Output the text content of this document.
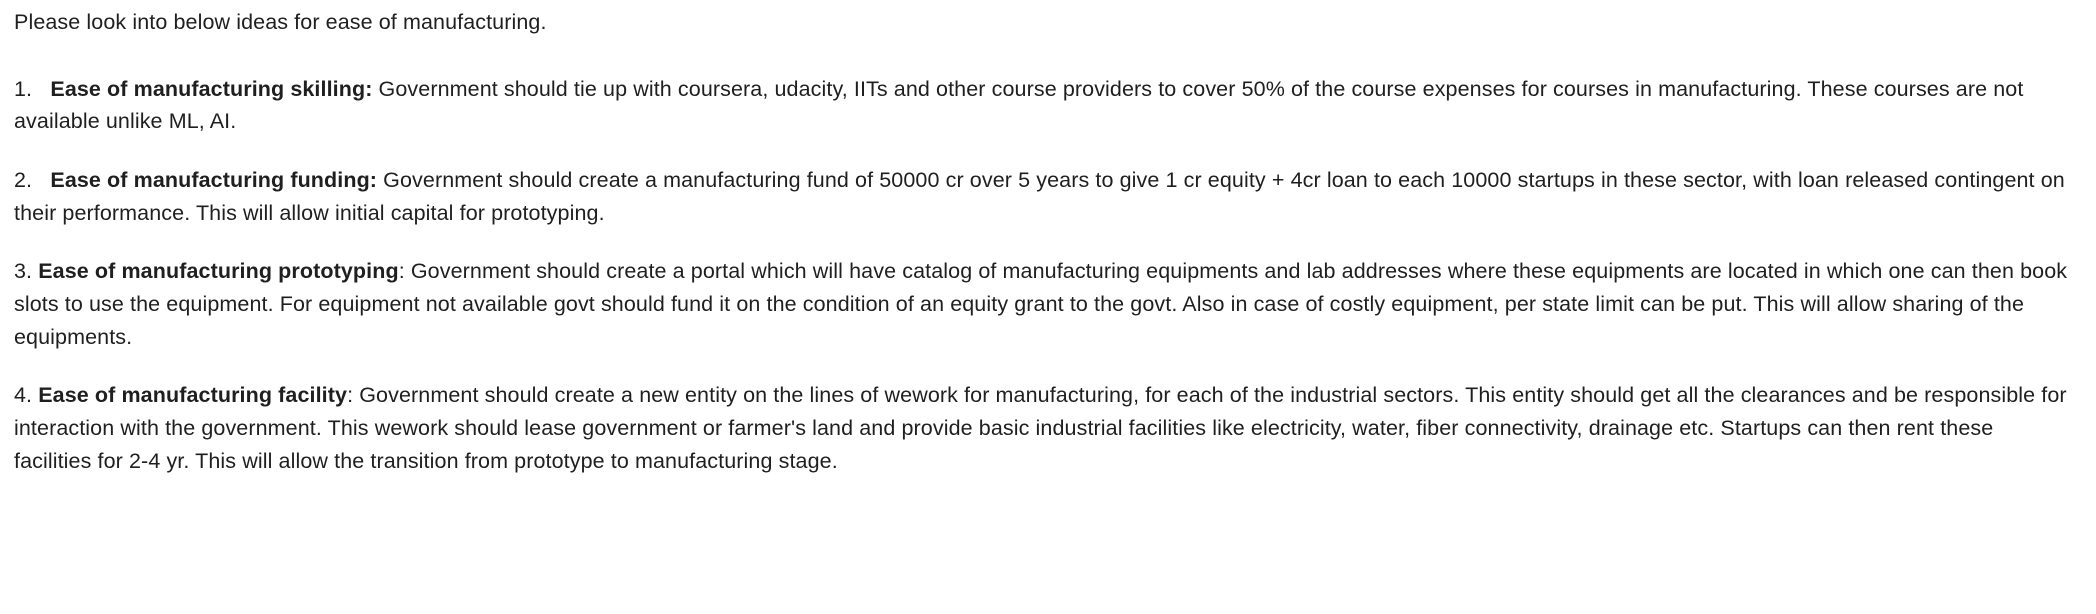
Please look into below ideas for ease of manufacturing.

1. Ease of manufacturing skilling: Government should tie up with coursera, udacity, IITs and other course providers to cover 50% of the course expenses for courses in manufacturing. These courses are not available unlike ML, AI.

2. Ease of manufacturing funding: Government should create a manufacturing fund of 50000 cr over 5 years to give 1 cr equity + 4cr loan to each 10000 startups in these sector, with loan released contingent on their performance. This will allow initial capital for prototyping.

3. Ease of manufacturing prototyping: Government should create a portal which will have catalog of manufacturing equipments and lab addresses where these equipments are located in which one can then book slots to use the equipment. For equipment not available govt should fund it on the condition of an equity grant to the govt. Also in case of costly equipment, per state limit can be put. This will allow sharing of the equipments.

4. Ease of manufacturing facility: Government should create a new entity on the lines of wework for manufacturing, for each of the industrial sectors. This entity should get all the clearances and be responsible for interaction with the government. This wework should lease government or farmer's land and provide basic industrial facilities like electricity, water, fiber connectivity, drainage etc. Startups can then rent these facilities for 2-4 yr. This will allow the transition from prototype to manufacturing stage.
